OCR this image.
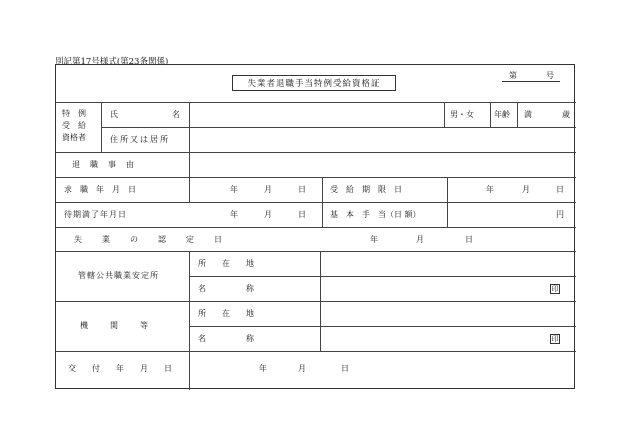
別記第17号様式(第23条関係)
失業者退職手当特例受給資格証
第	号
特　例
受　給
資格者
氏	名	男・女	年齢 満	歳
住所又は居所
退　職　事　由
求　職　年　月　日	年	月	日	受　給　期　限　日	年	月	日
待期満了年月日	年	月	日	基　本　手　当（日 額）	円
失　業　の　認　定　日	年	月	日
管轄公共職業安定所
所　　在　　地
名　　　　　称	印
機　　関　　等
所　　在　　地
名　　　　　称	印
交　付　年　月　日	年	月	日
